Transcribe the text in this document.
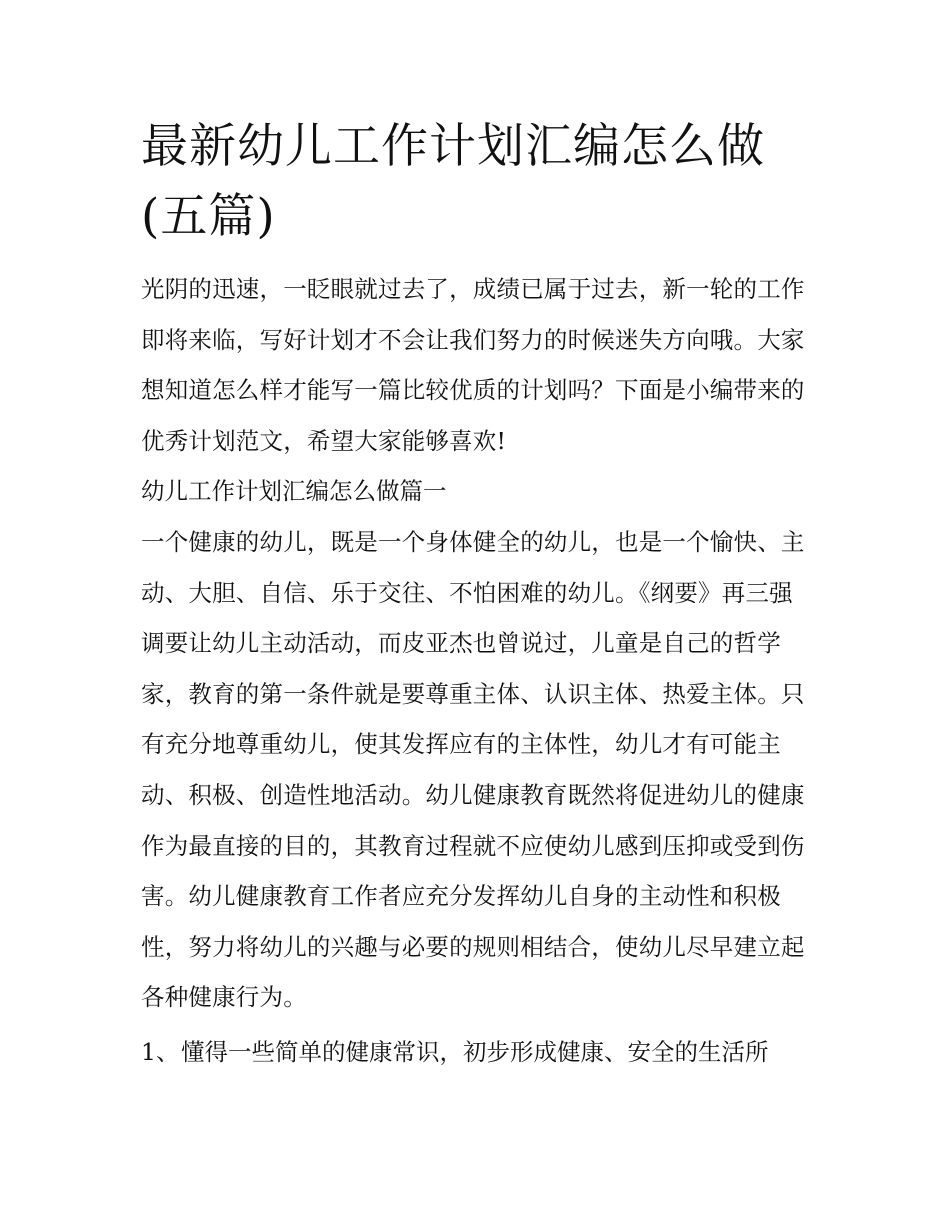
最新幼儿工作计划汇编怎么做(五篇)

光阴的迅速，一眨眼就过去了，成绩已属于过去，新一轮的工作即将来临，写好计划才不会让我们努力的时候迷失方向哦。大家想知道怎么样才能写一篇比较优质的计划吗？下面是小编带来的优秀计划范文，希望大家能够喜欢!

幼儿工作计划汇编怎么做篇一

一个健康的幼儿，既是一个身体健全的幼儿，也是一个愉快、主动、大胆、自信、乐于交往、不怕困难的幼儿。《纲要》再三强调要让幼儿主动活动，而皮亚杰也曾说过，儿童是自己的哲学家，教育的第一条件就是要尊重主体、认识主体、热爱主体。只有充分地尊重幼儿，使其发挥应有的主体性，幼儿才有可能主动、积极、创造性地活动。幼儿健康教育既然将促进幼儿的健康作为最直接的目的，其教育过程就不应使幼儿感到压抑或受到伤害。幼儿健康教育工作者应充分发挥幼儿自身的主动性和积极性，努力将幼儿的兴趣与必要的规则相结合，使幼儿尽早建立起各种健康行为。

1、懂得一些简单的健康常识，初步形成健康、安全的生活所
